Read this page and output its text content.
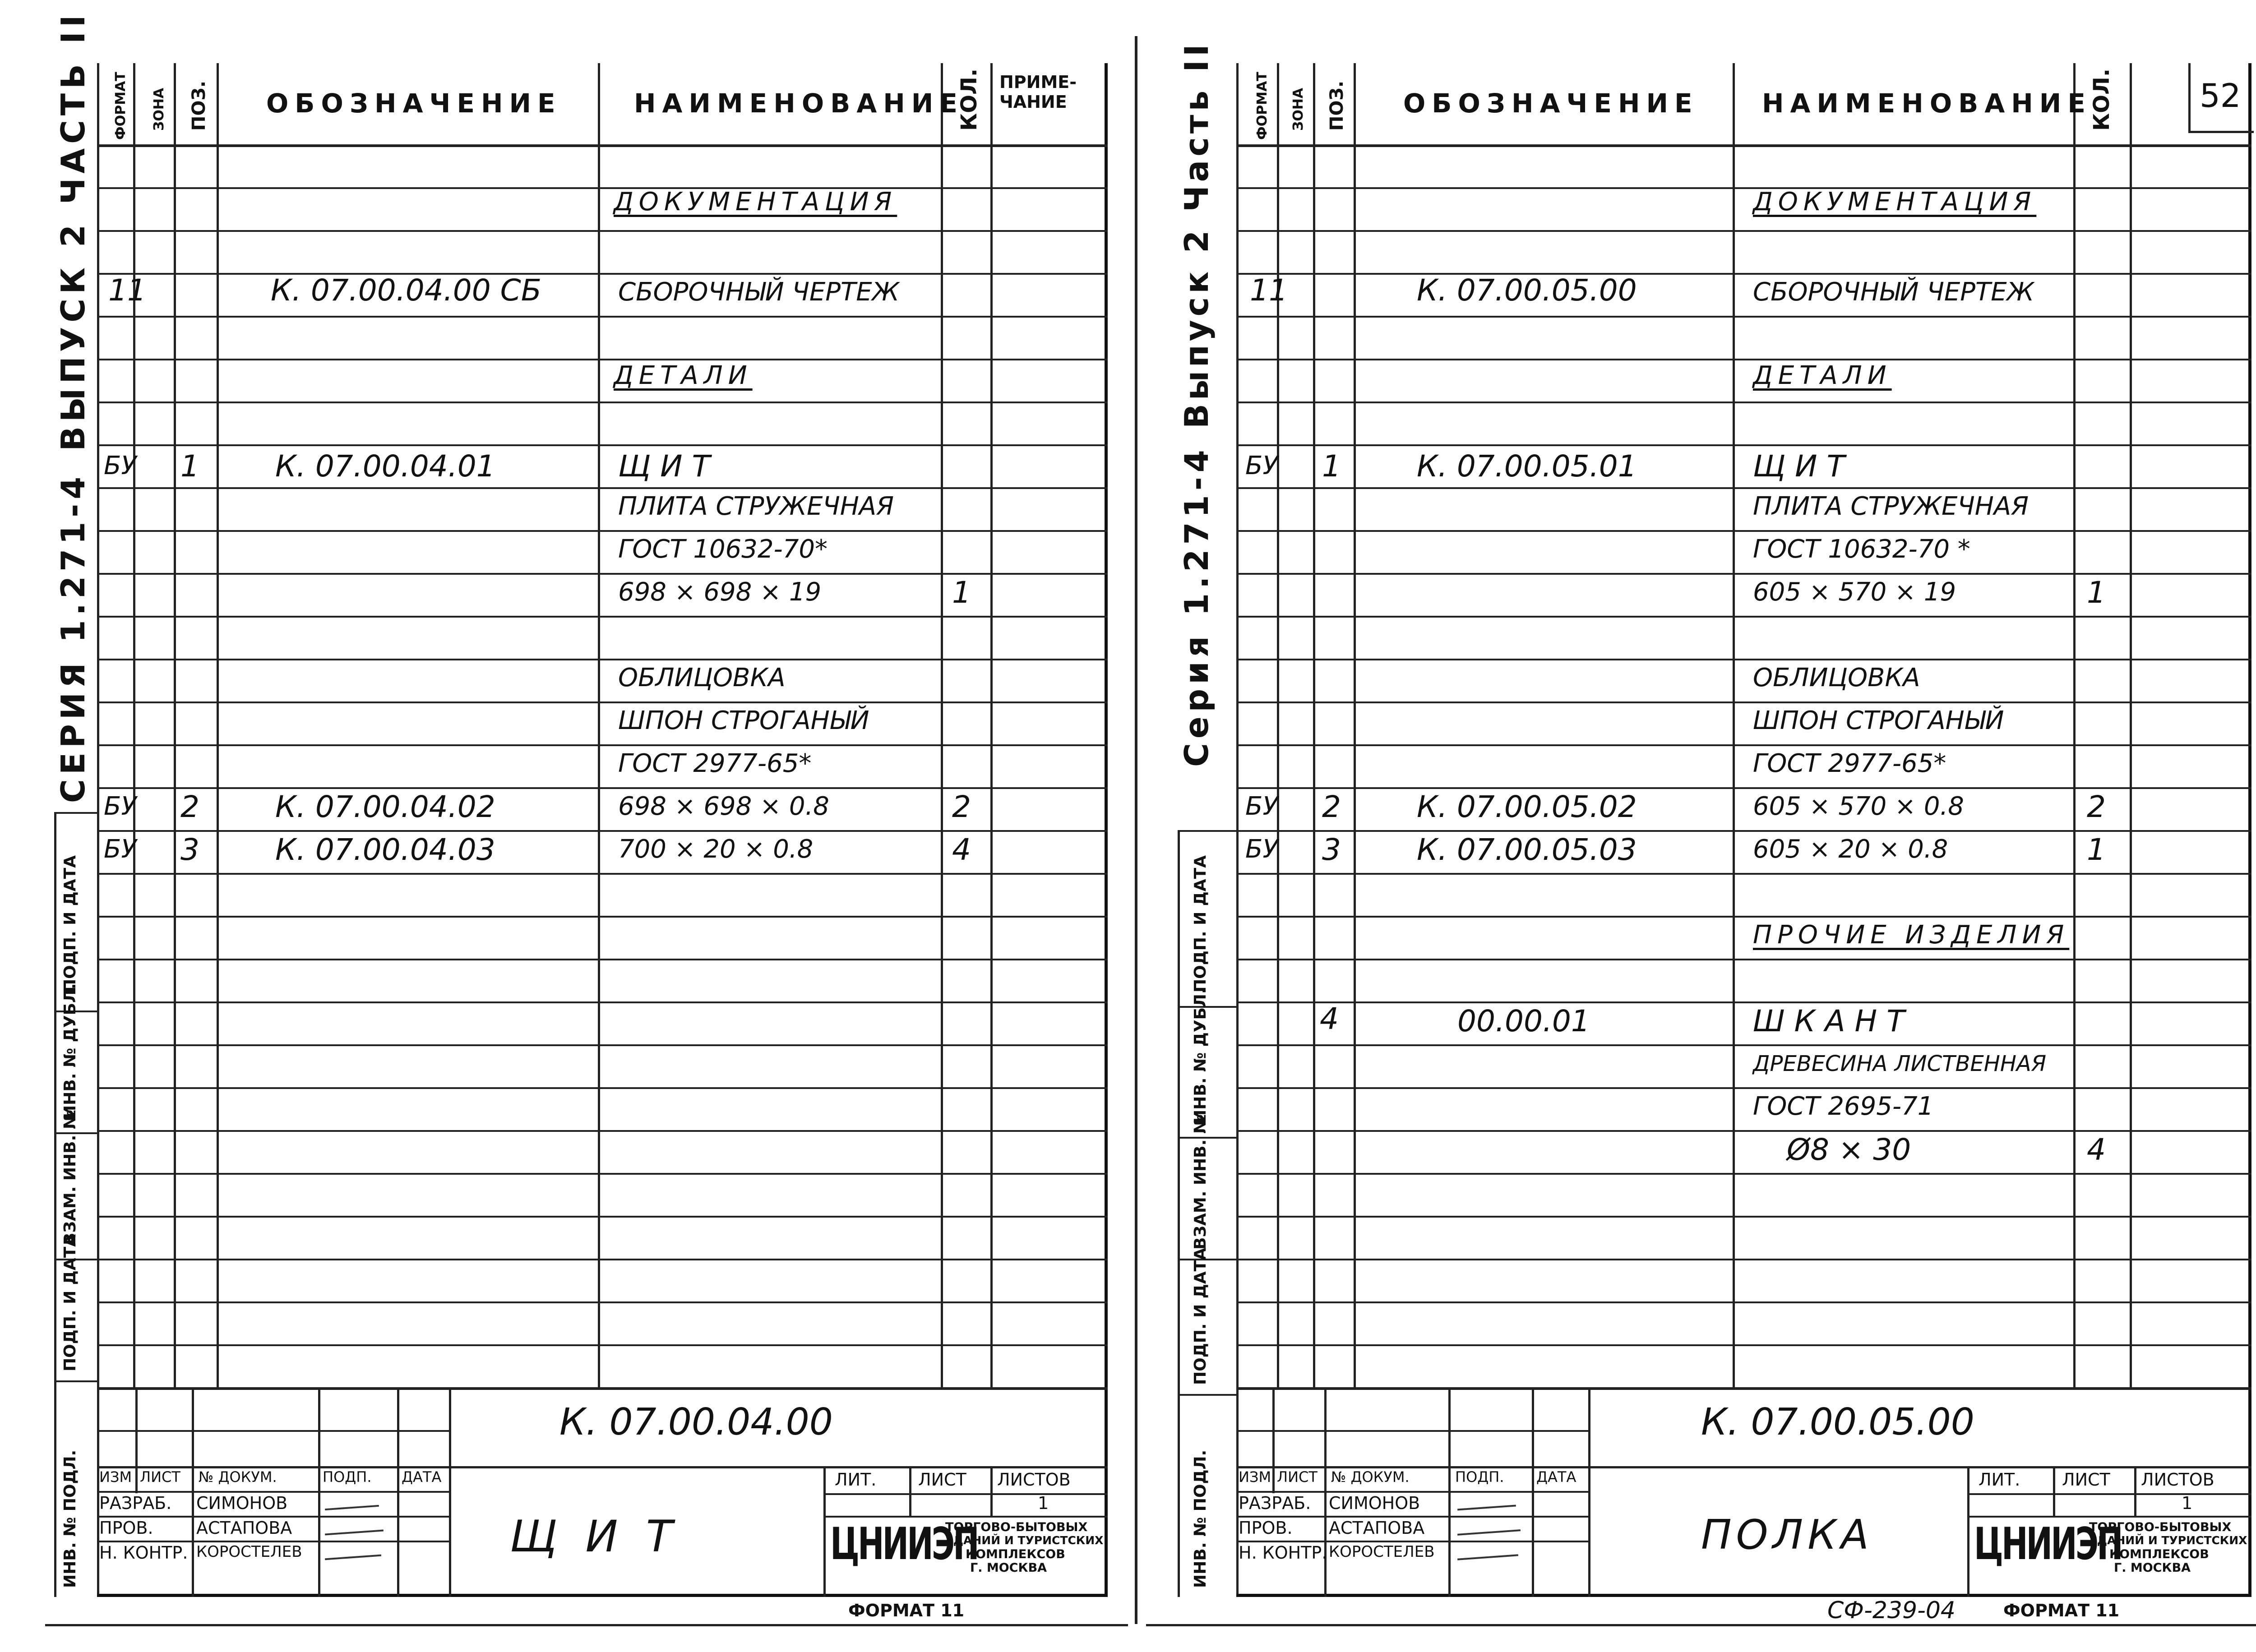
СЕРИЯ 1.271-4
ВЫПУСК 2 ЧАСТЬ II
ПОДП. И ДАТА
ИНВ. № ДУБЛ.
ВЗАМ. ИНВ. №
ПОДП. И ДАТА
ИНВ. № ПОДЛ.
ФОРМАТ ЗОНА ПОЗ. ОБОЗНАЧЕНИЕ	НАИМЕНОВАНИЕ
КОЛ. ПРИМЕ-ЧАНИЕ
ДОКУМЕНТАЦИЯ
11	К. 07.00.04.00 СБ	СБОРОЧНЫЙ ЧЕРТЕЖ
ДЕТАЛИ
БУ 1	К. 07.00.04.01	Щ И Т
ПЛИТА СТРУЖЕЧНАЯ
ГОСТ 10632-70*
698 × 698 × 19	1
ОБЛИЦОВКА
ШПОН СТРОГАНЫЙ
ГОСТ 2977-65*
БУ 2	К. 07.00.04.02	698 × 698 × 0.8	2
БУ 3	К. 07.00.04.03	700 × 20 × 0.8	4
ИЗМ ЛИСТ № ДОКУМ.	ПОДП. ДАТА
РАЗРАБ. СИМОНОВ
ПРОВ.	АСТАПОВА
Н. КОНТР. КОРОСТЕЛЕВ
К. 07.00.04.00
Щ И Т
ЛИТ. ЛИСТ ЛИСТОВ
1
ЦНИИЭП
ТОРГОВО-БЫТОВЫХ
ЗДАНИЙ И ТУРИСТСКИХ
КОМПЛЕКСОВ
Г. МОСКВА
ФОРМАТ 11
Серия 1.271-4
Выпуск 2 Часть II
ПОДП. И ДАТА
ИНВ. № ДУБЛ.
ВЗАМ. ИНВ. №
ПОДП. И ДАТА
ИНВ. № ПОДЛ.
ФОРМАТ ЗОНА ПОЗ. ОБОЗНАЧЕНИЕ НАИМЕНОВАНИЕ
КОЛ.	52
ДОКУМЕНТАЦИЯ
11	К. 07.00.05.00	СБОРОЧНЫЙ ЧЕРТЕЖ
ДЕТАЛИ
БУ 1	К. 07.00.05.01	Щ И Т
ПЛИТА СТРУЖЕЧНАЯ
ГОСТ 10632-70 *
605 × 570 × 19	1
ОБЛИЦОВКА
ШПОН СТРОГАНЫЙ
ГОСТ 2977-65*
БУ 2	К. 07.00.05.02	605 × 570 × 0.8	2
БУ 3	К. 07.00.05.03	605 × 20 × 0.8	1
ПРОЧИЕ ИЗДЕЛИЯ
4	00.00.01	Ш К А Н Т
ДРЕВЕСИНА ЛИСТВЕННАЯ
ГОСТ 2695-71
Ø8 × 30	4
ИЗМ ЛИСТ № ДОКУМ.	ПОДП. ДАТА
РАЗРАБ. СИМОНОВ
ПРОВ. АСТАПОВА
Н. КОНТР. КОРОСТЕЛЕВ
К. 07.00.05.00
ПОЛКА
ЛИТ. ЛИСТ ЛИСТОВ
1
ЦНИИЭП
ТОРГОВО-БЫТОВЫХ
ЗДАНИЙ И ТУРИСТСКИХ
КОМПЛЕКСОВ
Г. МОСКВА
СФ-239-04	ФОРМАТ 11
